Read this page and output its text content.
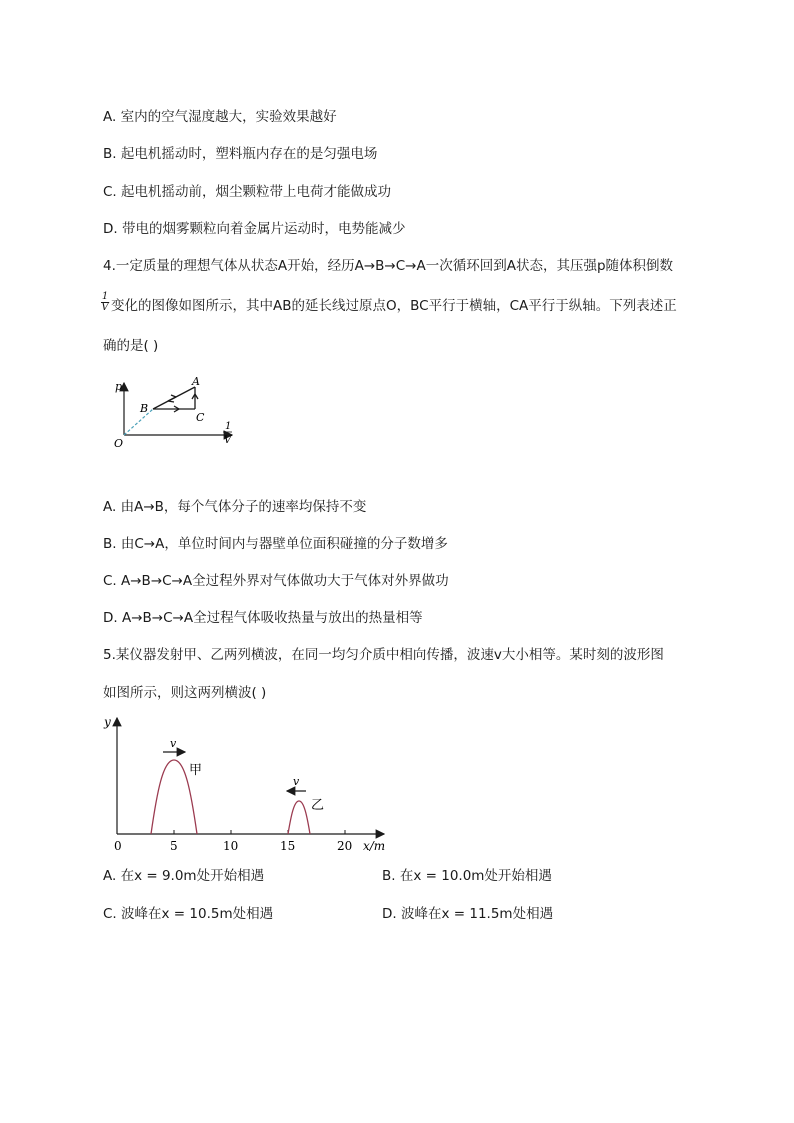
A. 室内的空气湿度越大，实验效果越好
B. 起电机摇动时，塑料瓶内存在的是匀强电场
C. 起电机摇动前，烟尘颗粒带上电荷才能做成功
D. 带电的烟雾颗粒向着金属片运动时，电势能减少
4.一定质量的理想气体从状态A开始，经历A→B→C→A一次循环回到A状态，其压强p随体积倒数
$\frac{1}{V}$ 变化的图像如图所示，其中AB的延长线过原点O，BC平行于横轴，CA平行于纵轴。下列表述正
确的是( )
p
O
A
B
C
1
V
A. 由A→B，每个气体分子的速率均保持不变
B. 由C→A，单位时间内与器壁单位面积碰撞的分子数增多
C. A→B→C→A全过程外界对气体做功大于气体对外界做功
D. A→B→C→A全过程气体吸收热量与放出的热量相等
5.某仪器发射甲、乙两列横波，在同一均匀介质中相向传播，波速v大小相等。某时刻的波形图
如图所示，则这两列横波( )
0	5	10	15	20 x/m
y
v
v
甲
乙
A. 在x = 9.0m处开始相遇	B. 在x = 10.0m处开始相遇
C. 波峰在x = 10.5m处相遇	D. 波峰在x = 11.5m处相遇
